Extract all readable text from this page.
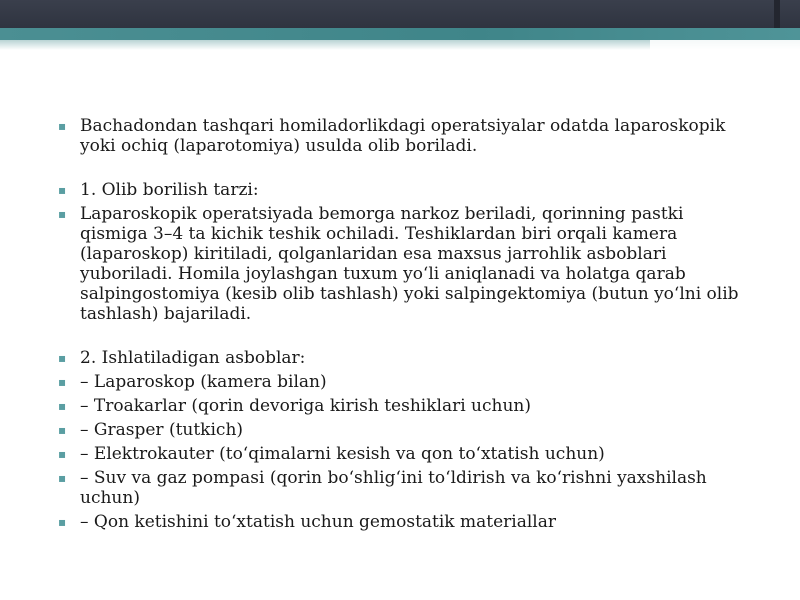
▪ Bachadondan tashqari homiladorlikdagi operatsiyalar odatda laparoskopik yoki ochiq (laparotomiya) usulda olib boriladi.
▪ 1. Olib borilish tarzi:
▪ Laparoskopik operatsiyada bemorga narkoz beriladi, qorinning pastki qismiga 3–4 ta kichik teshik ochiladi. Teshiklardan biri orqali kamera (laparoskop) kiritiladi, qolganlaridan esa maxsus jarrohlik asboblari yuboriladi. Homila joylashgan tuxum yo‘li aniqlanadi va holatga qarab salpingostomiya (kesib olib tashlash) yoki salpingektomiya (butun yo‘lni olib tashlash) bajariladi.
▪ 2. Ishlatiladigan asboblar:
▪ – Laparoskop (kamera bilan)
▪ – Troakarlar (qorin devoriga kirish teshiklari uchun)
▪ – Grasper (tutkich)
▪ – Elektrokauter (to‘qimalarni kesish va qon to‘xtatish uchun)
▪ – Suv va gaz pompasi (qorin bo‘shlig‘ini to‘ldirish va ko‘rishni yaxshilash uchun)
▪ – Qon ketishini to‘xtatish uchun gemostatik materiallar
